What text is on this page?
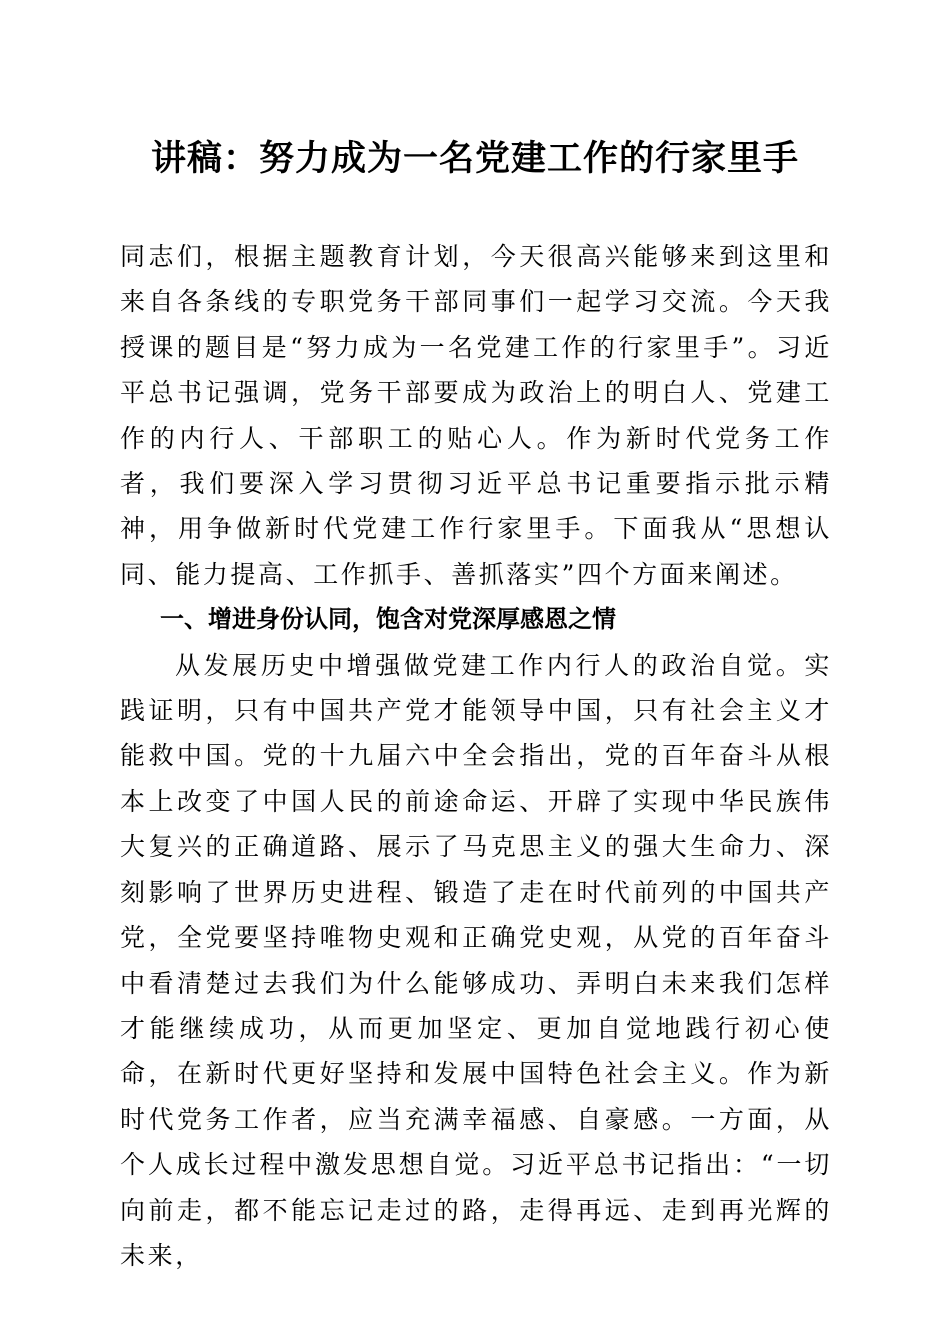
讲稿：努力成为一名党建工作的行家里手

同志们，根据主题教育计划，今天很高兴能够来到这里和来自各条线的专职党务干部同事们一起学习交流。今天我授课的题目是“努力成为一名党建工作的行家里手”。习近平总书记强调，党务干部要成为政治上的明白人、党建工作的内行人、干部职工的贴心人。作为新时代党务工作者，我们要深入学习贯彻习近平总书记重要指示批示精神，用争做新时代党建工作行家里手。下面我从“思想认同、能力提高、工作抓手、善抓落实”四个方面来阐述。

一、增进身份认同，饱含对党深厚感恩之情

从发展历史中增强做党建工作内行人的政治自觉。实践证明，只有中国共产党才能领导中国，只有社会主义才能救中国。党的十九届六中全会指出，党的百年奋斗从根本上改变了中国人民的前途命运、开辟了实现中华民族伟大复兴的正确道路、展示了马克思主义的强大生命力、深刻影响了世界历史进程、锻造了走在时代前列的中国共产党，全党要坚持唯物史观和正确党史观，从党的百年奋斗中看清楚过去我们为什么能够成功、弄明白未来我们怎样才能继续成功，从而更加坚定、更加自觉地践行初心使命，在新时代更好坚持和发展中国特色社会主义。作为新时代党务工作者，应当充满幸福感、自豪感。一方面，从个人成长过程中激发思想自觉。习近平总书记指出：“一切向前走，都不能忘记走过的路，走得再远、走到再光辉的未来，
